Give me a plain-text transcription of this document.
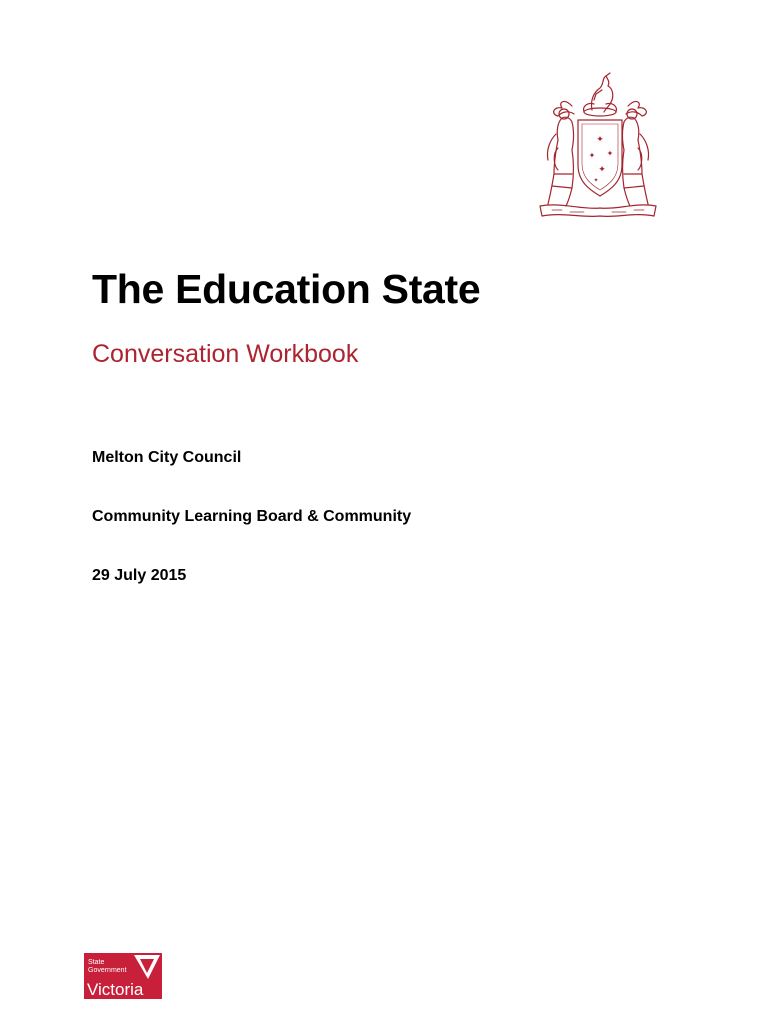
✦
✦ ✦
✦
✦
The Education State
Conversation Workbook

Melton City Council

Community Learning Board & Community

29 July 2015

State
Government
Victoria
